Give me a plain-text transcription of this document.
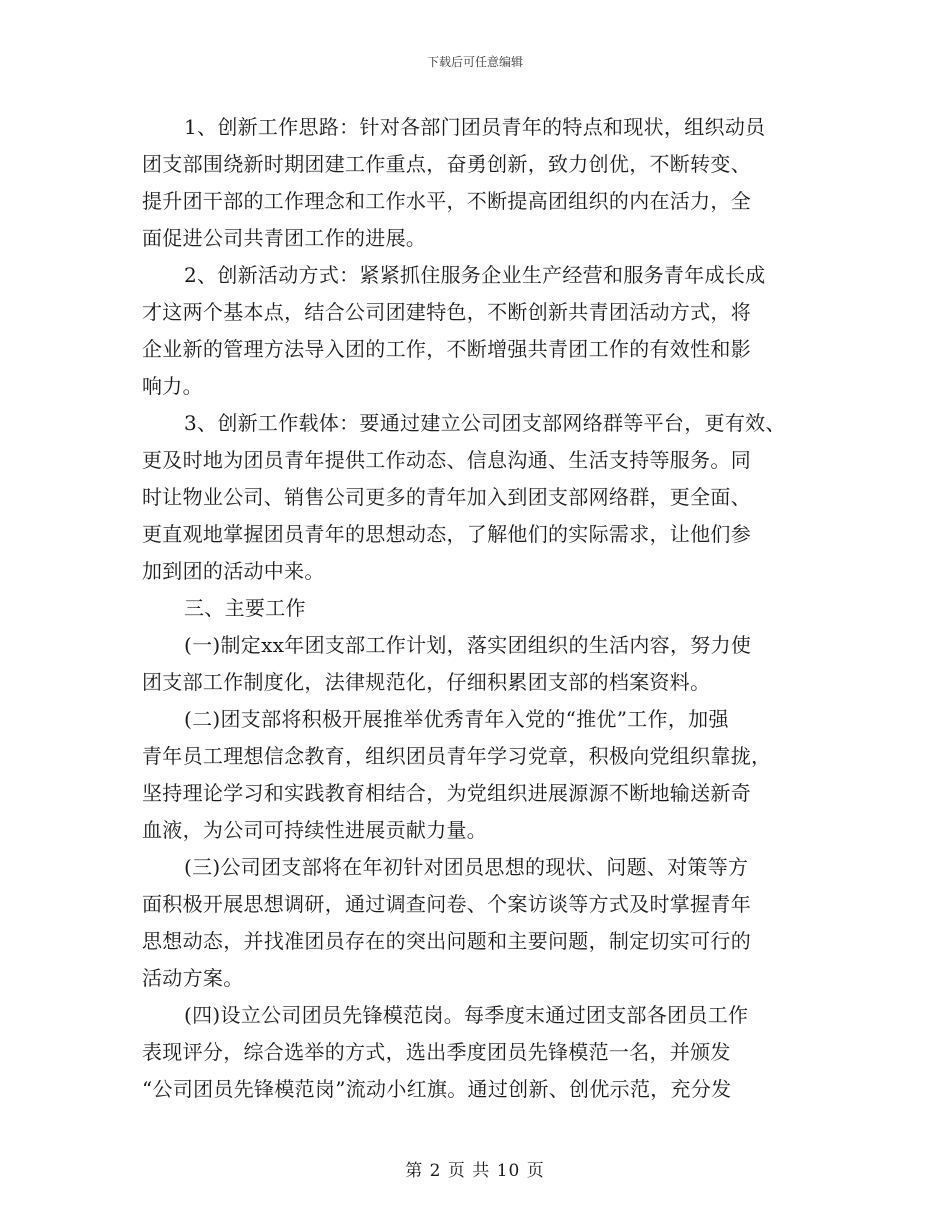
下载后可任意编辑
1、创新工作思路：针对各部门团员青年的特点和现状，组织动员
团支部围绕新时期团建工作重点，奋勇创新，致力创优，不断转变、
提升团干部的工作理念和工作水平，不断提高团组织的内在活力，全
面促进公司共青团工作的进展。
2、创新活动方式：紧紧抓住服务企业生产经营和服务青年成长成
才这两个基本点，结合公司团建特色，不断创新共青团活动方式，将
企业新的管理方法导入团的工作，不断增强共青团工作的有效性和影
响力。
3、创新工作载体：要通过建立公司团支部网络群等平台，更有效、
更及时地为团员青年提供工作动态、信息沟通、生活支持等服务。同
时让物业公司、销售公司更多的青年加入到团支部网络群，更全面、
更直观地掌握团员青年的思想动态，了解他们的实际需求，让他们参
加到团的活动中来。
三、主要工作
(一)制定xx年团支部工作计划，落实团组织的生活内容，努力使
团支部工作制度化，法律规范化，仔细积累团支部的档案资料。
(二)团支部将积极开展推举优秀青年入党的“推优”工作，加强
青年员工理想信念教育，组织团员青年学习党章，积极向党组织靠拢，
坚持理论学习和实践教育相结合，为党组织进展源源不断地输送新奇
血液，为公司可持续性进展贡献力量。
(三)公司团支部将在年初针对团员思想的现状、问题、对策等方
面积极开展思想调研，通过调查问卷、个案访谈等方式及时掌握青年
思想动态，并找准团员存在的突出问题和主要问题，制定切实可行的
活动方案。
(四)设立公司团员先锋模范岗。每季度末通过团支部各团员工作
表现评分，综合选举的方式，选出季度团员先锋模范一名，并颁发
“公司团员先锋模范岗”流动小红旗。通过创新、创优示范，充分发
第 2 页 共 10 页
